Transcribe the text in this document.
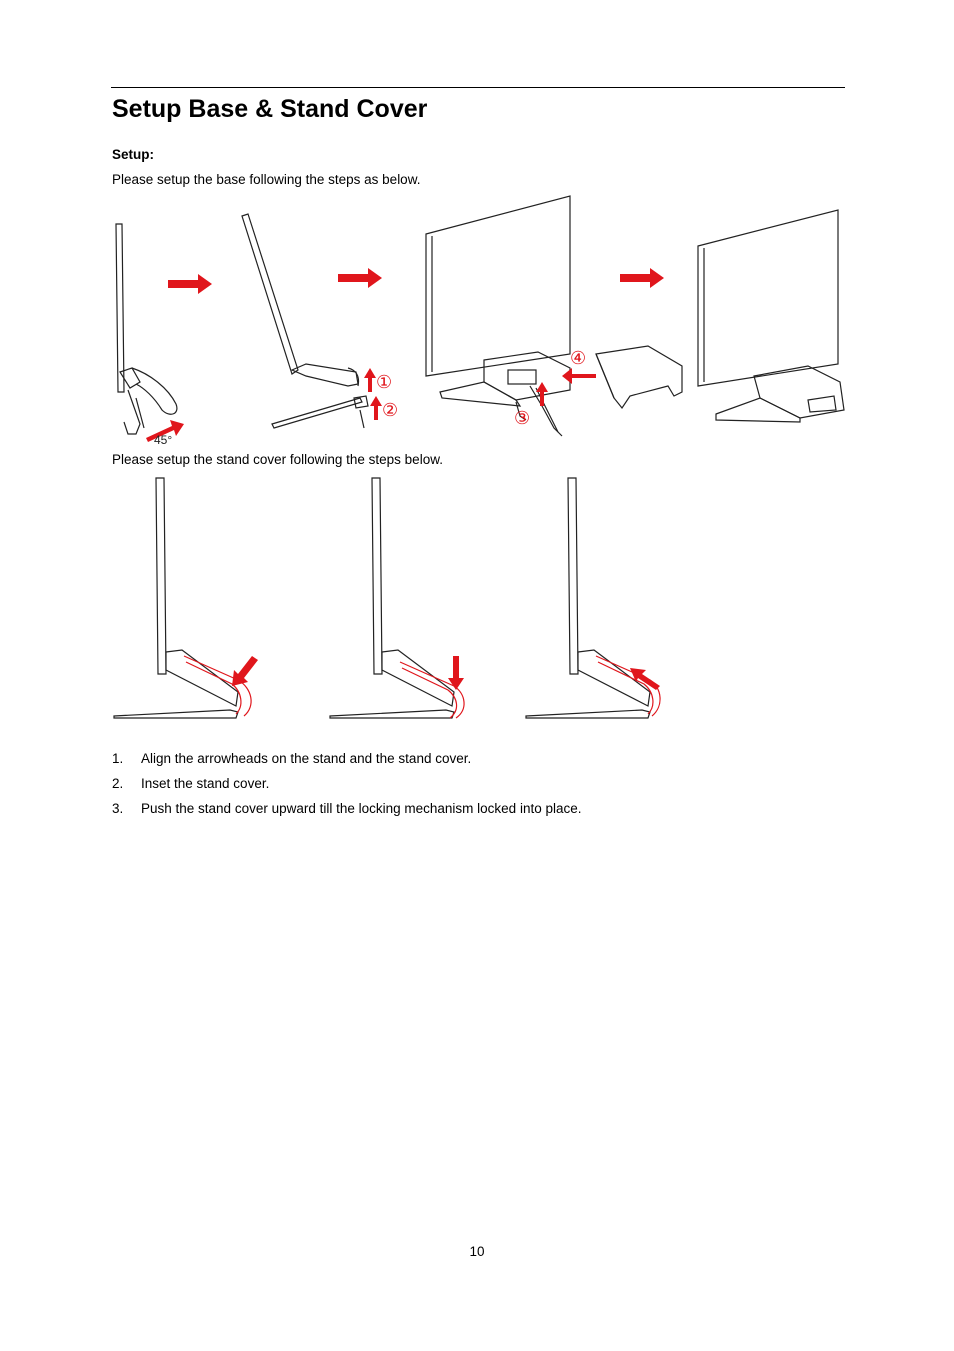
Setup Base & Stand Cover
Setup:
Please setup the base following the steps as below.
45°
①
②	③
④
Please setup the stand cover following the steps below.
1.	Align the arrowheads on the stand and the stand cover.
2.	Inset the stand cover.
3.	Push the stand cover upward till the locking mechanism locked into place.
10
